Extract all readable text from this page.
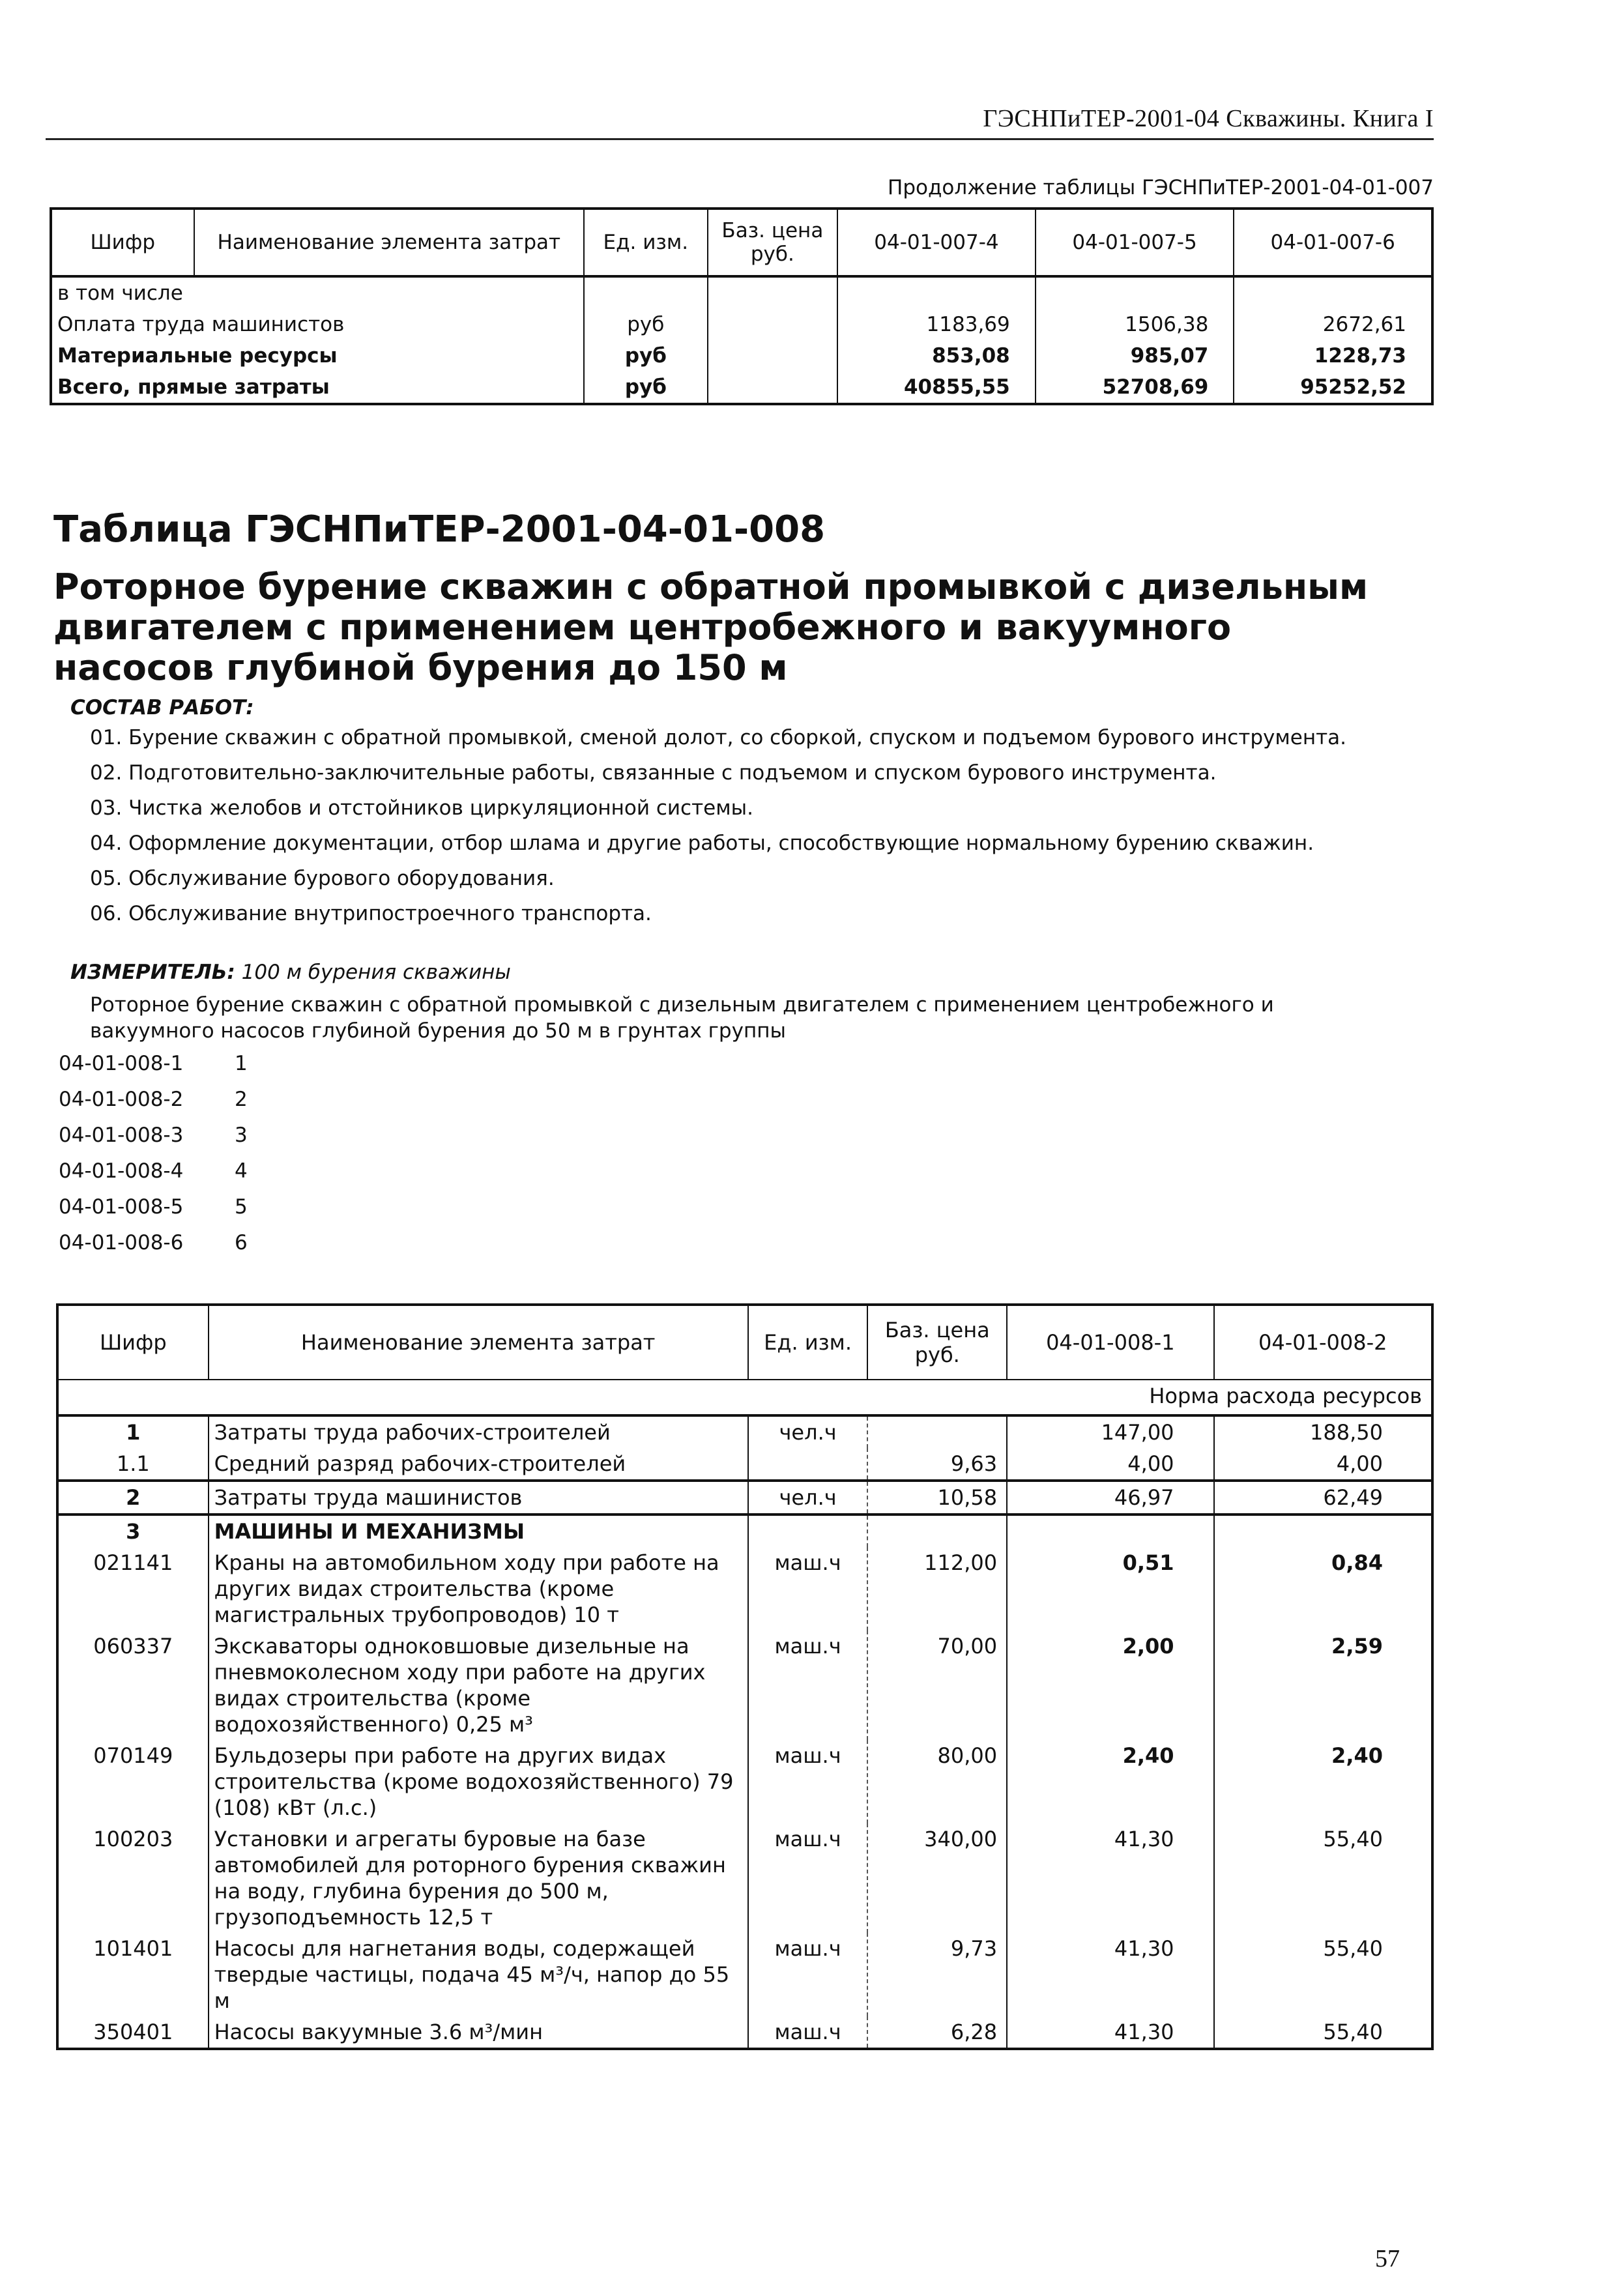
ГЭСНПиТЕР-2001-04 Скважины. Книга I
Продолжение таблицы ГЭСНПиТЕР-2001-04-01-007
Шифр	Наименование элемента затрат	Ед. изм.	Баз. цена руб.	04-01-007-4	04-01-007-5	04-01-007-6
в том числе						
Оплата труда машинистов		руб		1183,69	1506,38	2672,61
Материальные ресурсы		руб		853,08	985,07	1228,73
Всего, прямые затраты		руб		40855,55	52708,69	95252,52
Таблица ГЭСНПиТЕР-2001-04-01-008
Роторное бурение скважин с обратной промывкой с дизельным двигателем с применением центробежного и вакуумного насосов глубиной бурения до 150 м
СОСТАВ РАБОТ:
01. Бурение скважин с обратной промывкой, сменой долот, со сборкой, спуском и подъемом бурового инструмента.
02. Подготовительно-заключительные работы, связанные с подъемом и спуском бурового инструмента.
03. Чистка желобов и отстойников циркуляционной системы.
04. Оформление документации, отбор шлама и другие работы, способствующие нормальному бурению скважин.
05. Обслуживание бурового оборудования.
06. Обслуживание внутрипостроечного транспорта.
ИЗМЕРИТЕЛЬ: 100 м бурения скважины
Роторное бурение скважин с обратной промывкой с дизельным двигателем с применением центробежного и вакуумного насосов глубиной бурения до 50 м в грунтах группы
04-01-008-1	1
04-01-008-2	2
04-01-008-3	3
04-01-008-4	4
04-01-008-5	5
04-01-008-6	6
Шифр	Наименование элемента затрат	Ед. изм.	Баз. цена руб.	04-01-008-1	04-01-008-2
Норма расхода ресурсов					
1	Затраты труда рабочих-строителей	чел.ч		147,00	188,50
1.1	Средний разряд рабочих-строителей		9,63	4,00	4,00
2	Затраты труда машинистов	чел.ч	10,58	46,97	62,49
3	МАШИНЫ И МЕХАНИЗМЫ				
021141	Краны на автомобильном ходу при работе на других видах строительства (кроме магистральных трубопроводов) 10 т	маш.ч	112,00	0,51	0,84
060337	Экскаваторы одноковшовые дизельные на пневмоколесном ходу при работе на других видах строительства (кроме водохозяйственного) 0,25 м³	маш.ч	70,00	2,00	2,59
070149	Бульдозеры при работе на других видах строительства (кроме водохозяйственного) 79 (108) кВт (л.с.)	маш.ч	80,00	2,40	2,40
100203	Установки и агрегаты буровые на базе автомобилей для роторного бурения скважин на воду, глубина бурения до 500 м, грузоподъемность 12,5 т	маш.ч	340,00	41,30	55,40
101401	Насосы для нагнетания воды, содержащей твердые частицы, подача 45 м³/ч, напор до 55 м	маш.ч	9,73	41,30	55,40
350401	Насосы вакуумные 3.6 м³/мин	маш.ч	6,28	41,30	55,40
57
